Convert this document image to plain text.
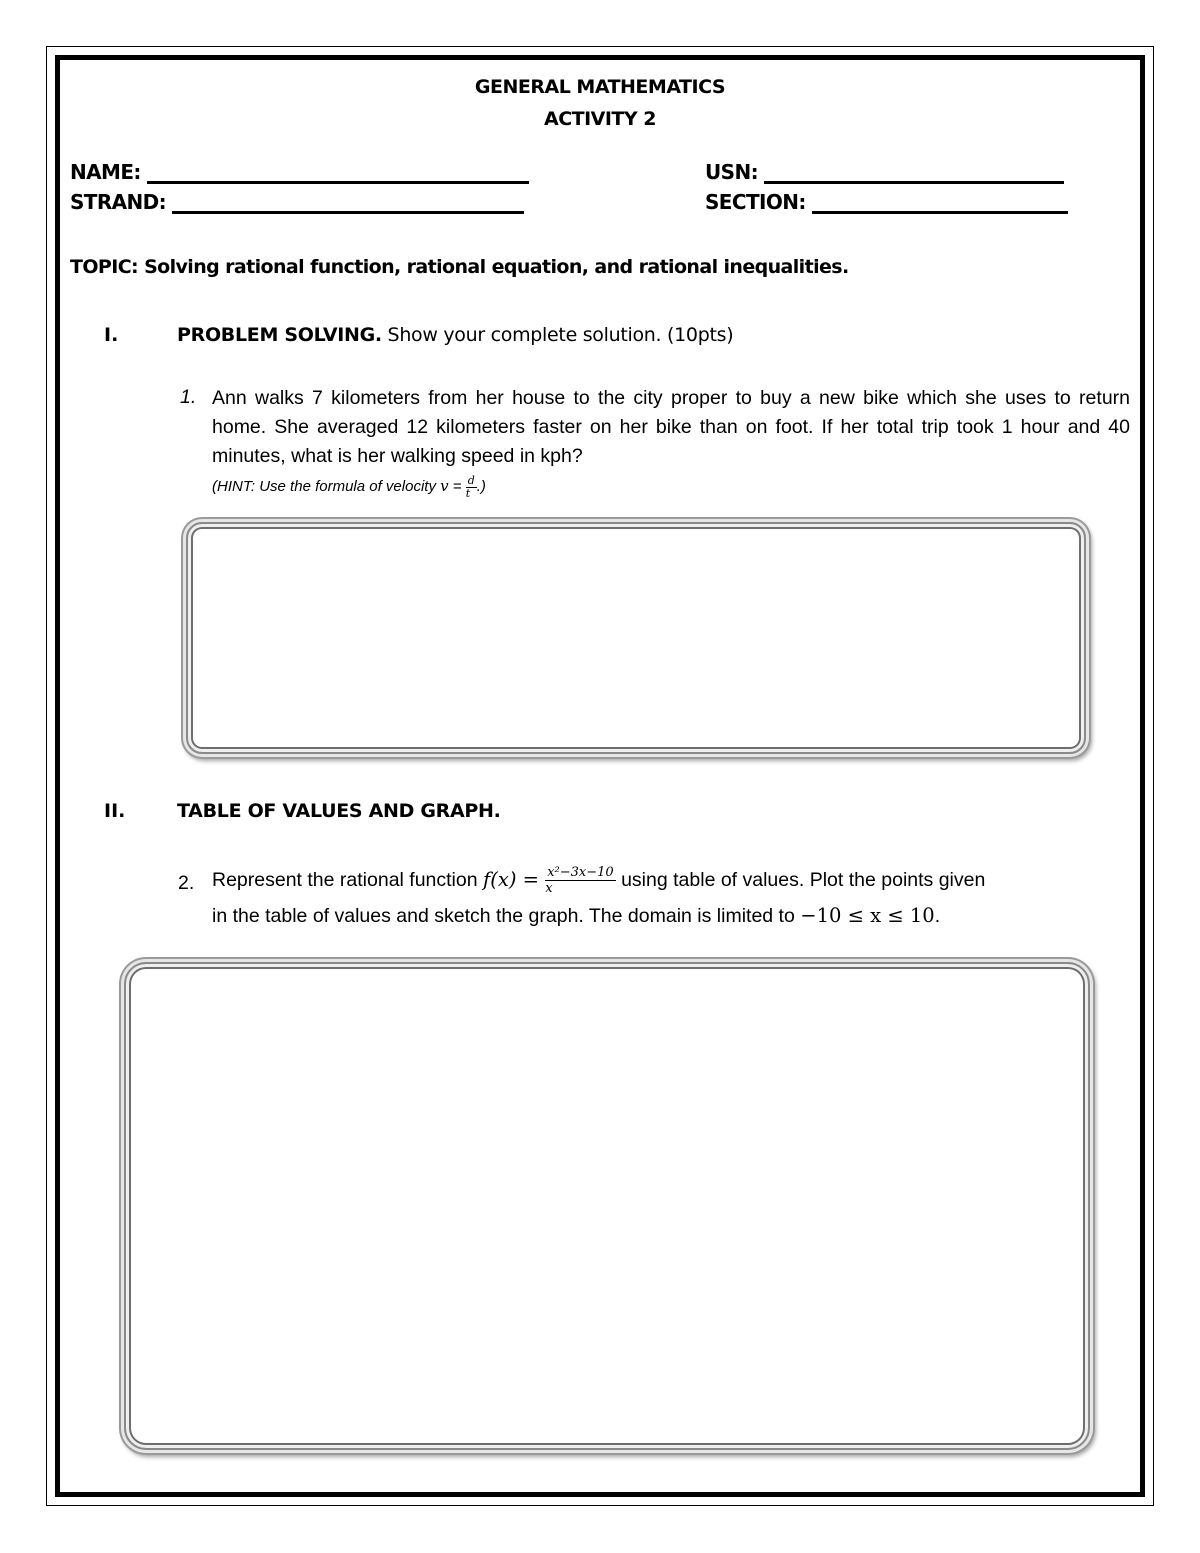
GENERAL MATHEMATICS
ACTIVITY 2
NAME:	USN:
STRAND:	SECTION:
TOPIC: Solving rational function, rational equation, and rational inequalities.
I.	PROBLEM SOLVING. Show your complete solution. (10pts)
1. Ann walks 7 kilometers from her house to the city proper to buy a new bike which she uses to return home. She averaged 12 kilometers faster on her bike than on foot. If her total trip took 1 hour and 40 minutes, what is her walking speed in kph?
(HINT: Use the formula of velocity $v = \frac{d}{t}$ .)
II.	TABLE OF VALUES AND GRAPH.
2. Represent the rational function $f(x) = \frac{\text{x²−3x−10}}{x}$ using table of values. Plot the points given
in the table of values and sketch the graph. The domain is limited to −10 ≤ x ≤ 10.
